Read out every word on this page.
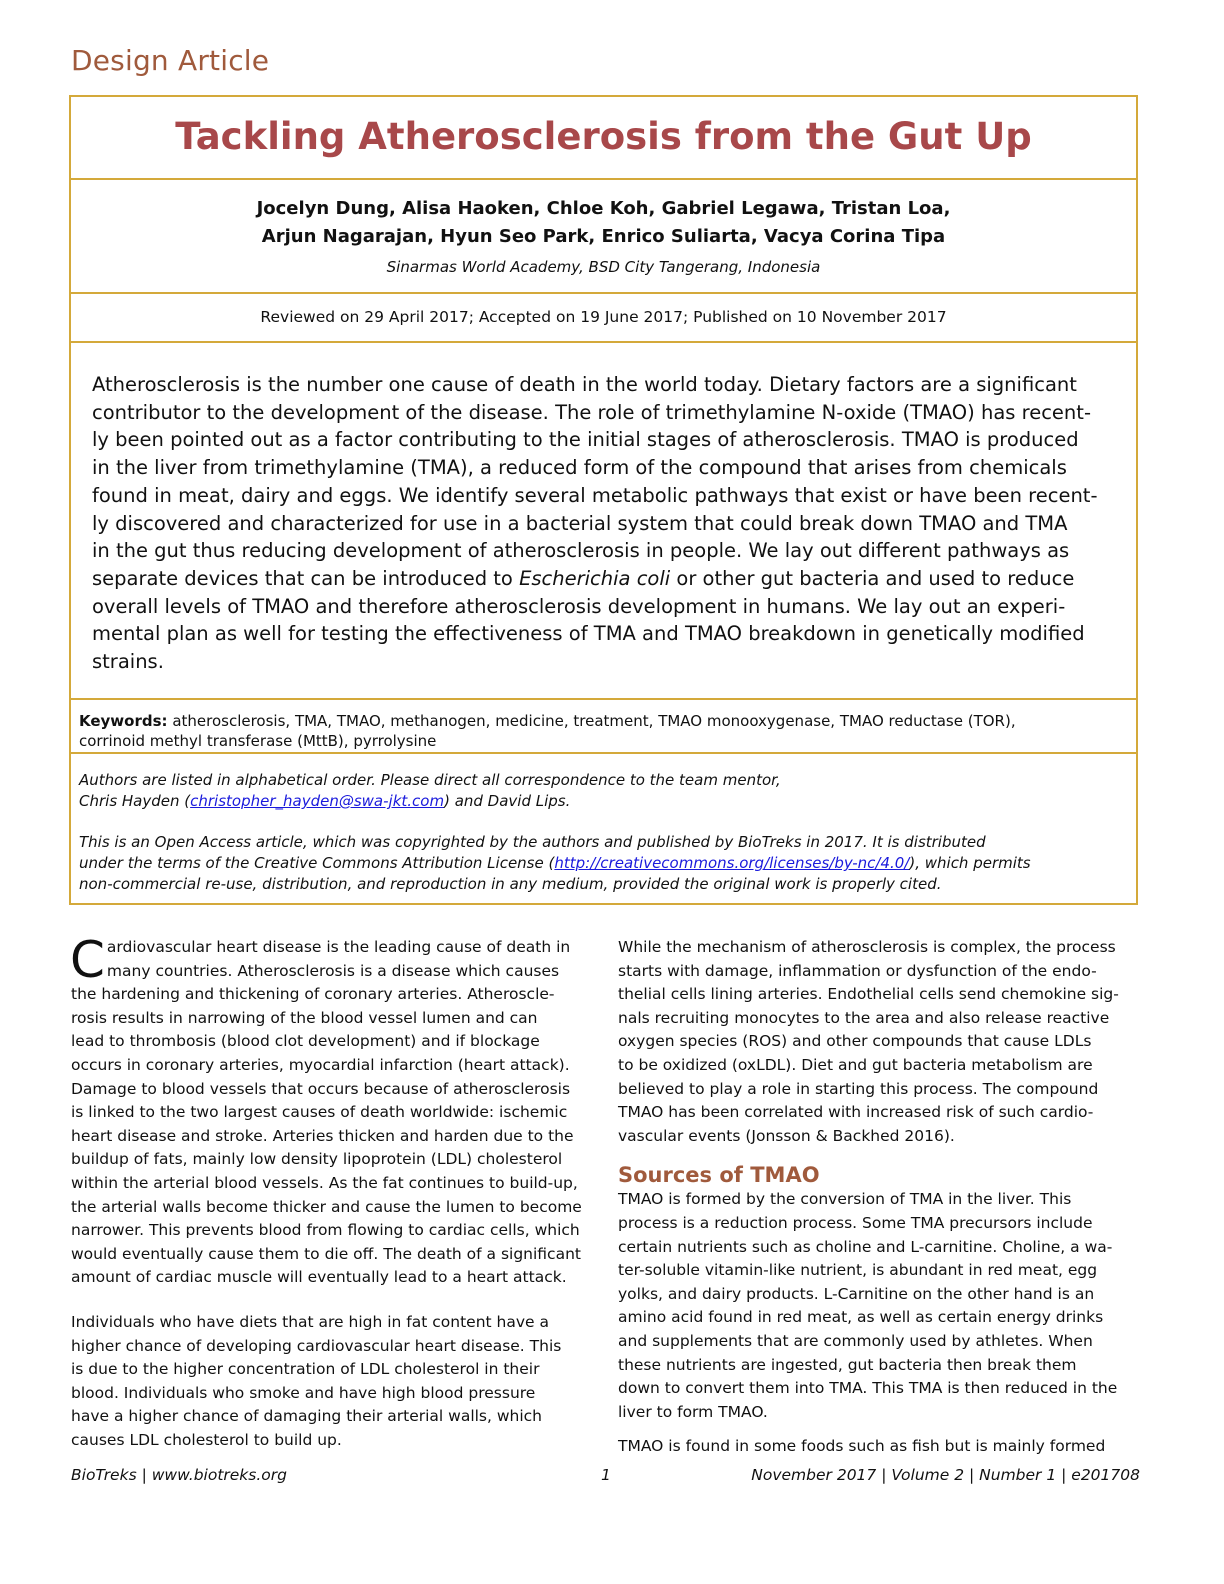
Design Article
Tackling Atherosclerosis from the Gut Up
Jocelyn Dung, Alisa Haoken, Chloe Koh, Gabriel Legawa, Tristan Loa,
Arjun Nagarajan, Hyun Seo Park, Enrico Suliarta, Vacya Corina Tipa
Sinarmas World Academy, BSD City Tangerang, Indonesia
Reviewed on 29 April 2017; Accepted on 19 June 2017; Published on 10 November 2017
Atherosclerosis is the number one cause of death in the world today. Dietary factors are a significant
contributor to the development of the disease. The role of trimethylamine N-oxide (TMAO) has recent-
ly been pointed out as a factor contributing to the initial stages of atherosclerosis. TMAO is produced
in the liver from trimethylamine (TMA), a reduced form of the compound that arises from chemicals
found in meat, dairy and eggs. We identify several metabolic pathways that exist or have been recent-
ly discovered and characterized for use in a bacterial system that could break down TMAO and TMA
in the gut thus reducing development of atherosclerosis in people. We lay out different pathways as
separate devices that can be introduced to Escherichia coli or other gut bacteria and used to reduce
overall levels of TMAO and therefore atherosclerosis development in humans. We lay out an experi-
mental plan as well for testing the effectiveness of TMA and TMAO breakdown in genetically modified
strains.
Keywords: atherosclerosis, TMA, TMAO, methanogen, medicine, treatment, TMAO monooxygenase, TMAO reductase (TOR),
corrinoid methyl transferase (MttB), pyrrolysine
Authors are listed in alphabetical order. Please direct all correspondence to the team mentor,
Chris Hayden (christopher_hayden@swa-jkt.com) and David Lips.
This is an Open Access article, which was copyrighted by the authors and published by BioTreks in 2017. It is distributed
under the terms of the Creative Commons Attribution License (http://creativecommons.org/licenses/by-nc/4.0/), which permits
non-commercial re-use, distribution, and reproduction in any medium, provided the original work is properly cited.
C ardiovascular heart disease is the leading cause of death in
many countries. Atherosclerosis is a disease which causes
the hardening and thickening of coronary arteries. Atheroscle-
rosis results in narrowing of the blood vessel lumen and can
lead to thrombosis (blood clot development) and if blockage
occurs in coronary arteries, myocardial infarction (heart attack).
Damage to blood vessels that occurs because of atherosclerosis
is linked to the two largest causes of death worldwide: ischemic
heart disease and stroke. Arteries thicken and harden due to the
buildup of fats, mainly low density lipoprotein (LDL) cholesterol
within the arterial blood vessels. As the fat continues to build-up,
the arterial walls become thicker and cause the lumen to become
narrower. This prevents blood from flowing to cardiac cells, which
would eventually cause them to die off. The death of a significant
amount of cardiac muscle will eventually lead to a heart attack.
Individuals who have diets that are high in fat content have a
higher chance of developing cardiovascular heart disease. This
is due to the higher concentration of LDL cholesterol in their
blood. Individuals who smoke and have high blood pressure
have a higher chance of damaging their arterial walls, which
causes LDL cholesterol to build up.
While the mechanism of atherosclerosis is complex, the process
starts with damage, inflammation or dysfunction of the endo-
thelial cells lining arteries. Endothelial cells send chemokine sig-
nals recruiting monocytes to the area and also release reactive
oxygen species (ROS) and other compounds that cause LDLs
to be oxidized (oxLDL). Diet and gut bacteria metabolism are
believed to play a role in starting this process. The compound
TMAO has been correlated with increased risk of such cardio-
vascular events (Jonsson & Backhed 2016).
Sources of TMAO
TMAO is formed by the conversion of TMA in the liver. This
process is a reduction process. Some TMA precursors include
certain nutrients such as choline and L-carnitine. Choline, a wa-
ter-soluble vitamin-like nutrient, is abundant in red meat, egg
yolks, and dairy products. L-Carnitine on the other hand is an
amino acid found in red meat, as well as certain energy drinks
and supplements that are commonly used by athletes. When
these nutrients are ingested, gut bacteria then break them
down to convert them into TMA. This TMA is then reduced in the
liver to form TMAO.
TMAO is found in some foods such as fish but is mainly formed
BioTreks | www.biotreks.org	1	November 2017 | Volume 2 | Number 1 | e201708
